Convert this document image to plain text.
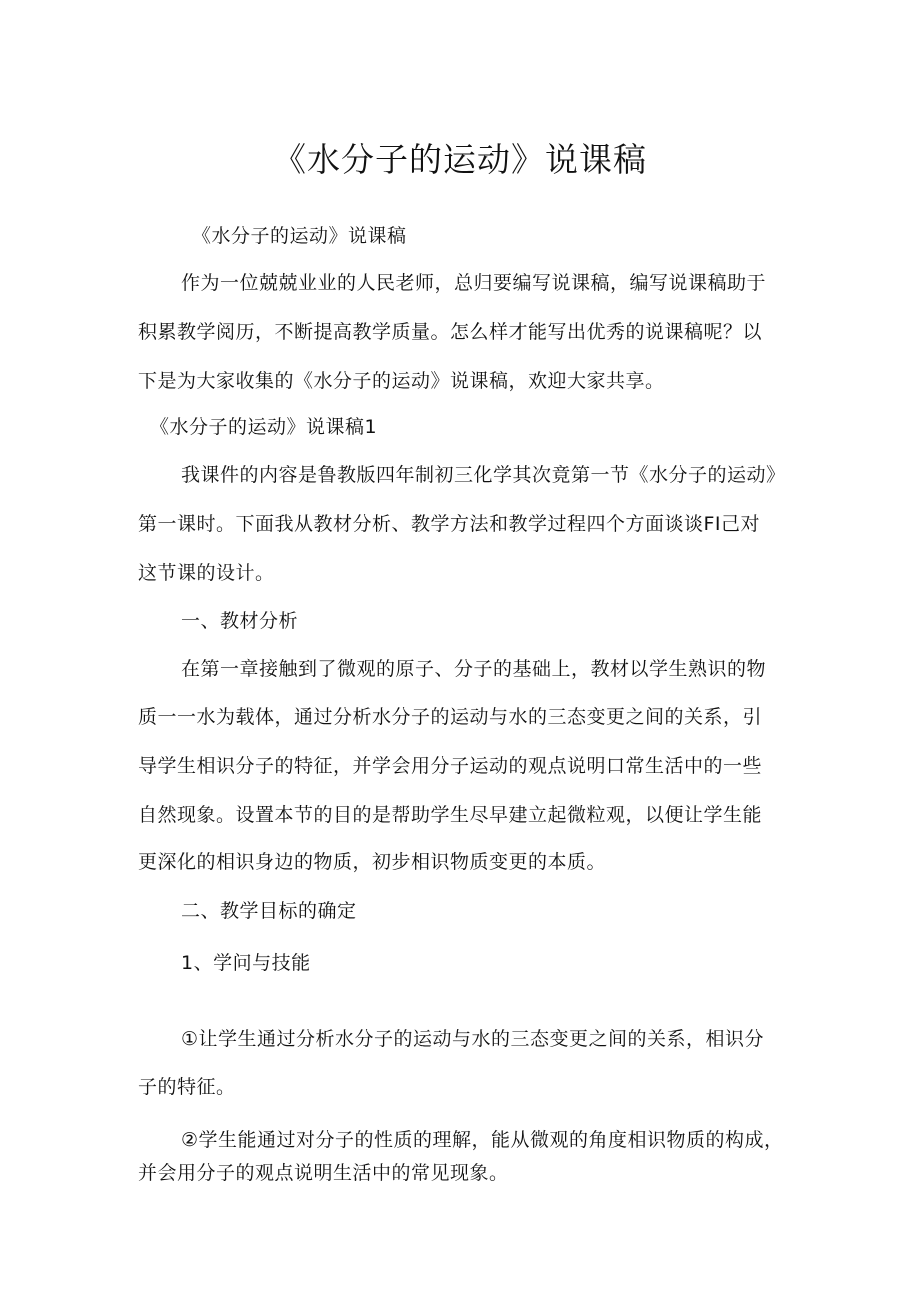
《水分子的运动》说课稿
《水分子的运动》说课稿
作为一位兢兢业业的人民老师，总归要编写说课稿，编写说课稿助于
积累教学阅历，不断提高教学质量。怎么样才能写出优秀的说课稿呢？以
下是为大家收集的《水分子的运动》说课稿，欢迎大家共享。
《水分子的运动》说课稿1
我课件的内容是鲁教版四年制初三化学其次竟第一节《水分子的运动》
第一课时。下面我从教材分析、教学方法和教学过程四个方面谈谈FI己对
这节课的设计。
一、教材分析
在第一章接触到了微观的原子、分子的基础上，教材以学生熟识的物
质一一水为载体，通过分析水分子的运动与水的三态变更之间的关系，引
导学生相识分子的特征，并学会用分子运动的观点说明口常生活中的一些
自然现象。设置本节的目的是帮助学生尽早建立起微粒观，以便让学生能
更深化的相识身边的物质，初步相识物质变更的本质。
二、教学目标的确定
1、学问与技能
①让学生通过分析水分子的运动与水的三态变更之间的关系，相识分
子的特征。
②学生能通过对分子的性质的理解，能从微观的角度相识物质的构成，
并会用分子的观点说明生活中的常见现象。
